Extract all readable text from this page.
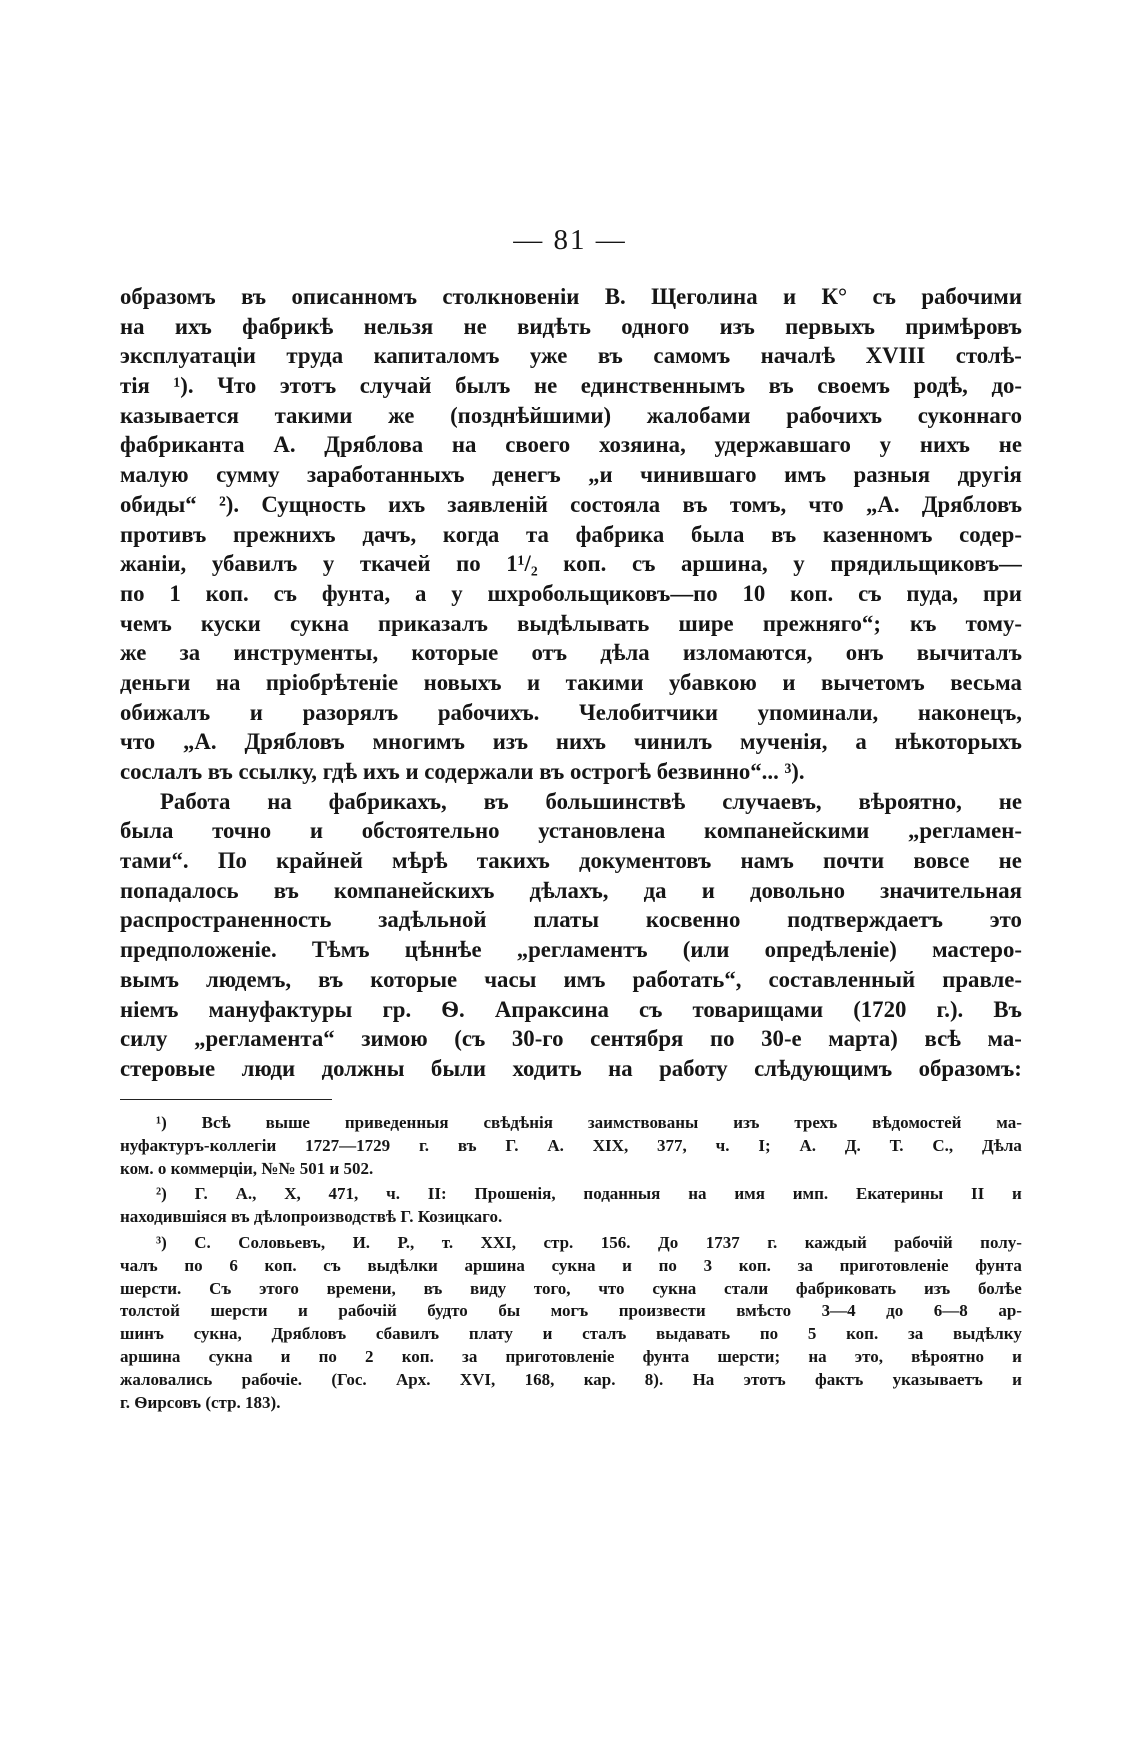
— 81 —
образомъ въ описанномъ столкновеніи В. Щеголина и К° съ рабочими
на ихъ фабрикѣ нельзя не видѣть одного изъ первыхъ примѣровъ
эксплуатаціи труда капиталомъ уже въ самомъ началѣ XVIII столѣ-
тія ¹). Что этотъ случай былъ не единственнымъ въ своемъ родѣ, до-
казывается такими же (позднѣйшими) жалобами рабочихъ суконнаго
фабриканта А. Дряблова на своего хозяина, удержавшаго у нихъ не
малую сумму заработанныхъ денегъ „и чинившаго имъ разныя другія
обиды“ ²). Сущность ихъ заявленій состояла въ томъ, что „А. Дрябловъ
противъ прежнихъ дачъ, когда та фабрика была въ казенномъ содер-
жаніи, убавилъ у ткачей по 1¹/₂ коп. съ аршина, у прядильщиковъ—
по 1 коп. съ фунта, а у шхробольщиковъ—по 10 коп. съ пуда, при
чемъ куски сукна приказалъ выдѣлывать шире прежняго“; къ тому-
же за инструменты, которые отъ дѣла изломаются, онъ вычиталъ
деньги на пріобрѣтеніе новыхъ и такими убавкою и вычетомъ весьма
обижалъ и разорялъ рабочихъ. Челобитчики упоминали, наконецъ,
что „А. Дрябловъ многимъ изъ нихъ чинилъ мученія, а нѣкоторыхъ
сослалъ въ ссылку, гдѣ ихъ и содержали въ острогѣ безвинно“... ³).
Работа на фабрикахъ, въ большинствѣ случаевъ, вѣроятно, не
была точно и обстоятельно установлена компанейскими „регламен-
тами“. По крайней мѣрѣ такихъ документовъ намъ почти вовсе не
попадалось въ компанейскихъ дѣлахъ, да и довольно значительная
распространенность задѣльной платы косвенно подтверждаетъ это
предположеніе. Тѣмъ цѣннѣе „регламентъ (или опредѣленіе) мастеро-
вымъ людемъ, въ которые часы имъ работать“, составленный правле-
ніемъ мануфактуры гр. Ѳ. Апраксина съ товарищами (1720 г.). Въ
силу „регламента“ зимою (съ 30-го сентября по 30-е марта) всѣ ма-
стеровые люди должны были ходить на работу слѣдующимъ образомъ:
¹) Всѣ выше приведенныя свѣдѣнія заимствованы изъ трехъ вѣдомостей ма-
нуфактуръ-коллегіи 1727—1729 г. въ Г. А. XIX, 377, ч. I; А. Д. Т. С., Дѣла
ком. о коммерціи, №№ 501 и 502.
²) Г. А., X, 471, ч. II: Прошенія, поданныя на имя имп. Екатерины II и
находившіяся въ дѣлопроизводствѣ Г. Козицкаго.
³) С. Соловьевъ, И. Р., т. XXI, стр. 156. До 1737 г. каждый рабочій полу-
чалъ по 6 коп. съ выдѣлки аршина сукна и по 3 коп. за приготовленіе фунта
шерсти. Съ этого времени, въ виду того, что сукна стали фабриковать изъ болѣе
толстой шерсти и рабочій будто бы могъ произвести вмѣсто 3—4 до 6—8 ар-
шинъ сукна, Дрябловъ сбавилъ плату и сталъ выдавать по 5 коп. за выдѣлку
аршина сукна и по 2 коп. за приготовленіе фунта шерсти; на это, вѣроятно и
жаловались рабочіе. (Гос. Арх. XVI, 168, кар. 8). На этотъ фактъ указываетъ и
г. Ѳирсовъ (стр. 183).
